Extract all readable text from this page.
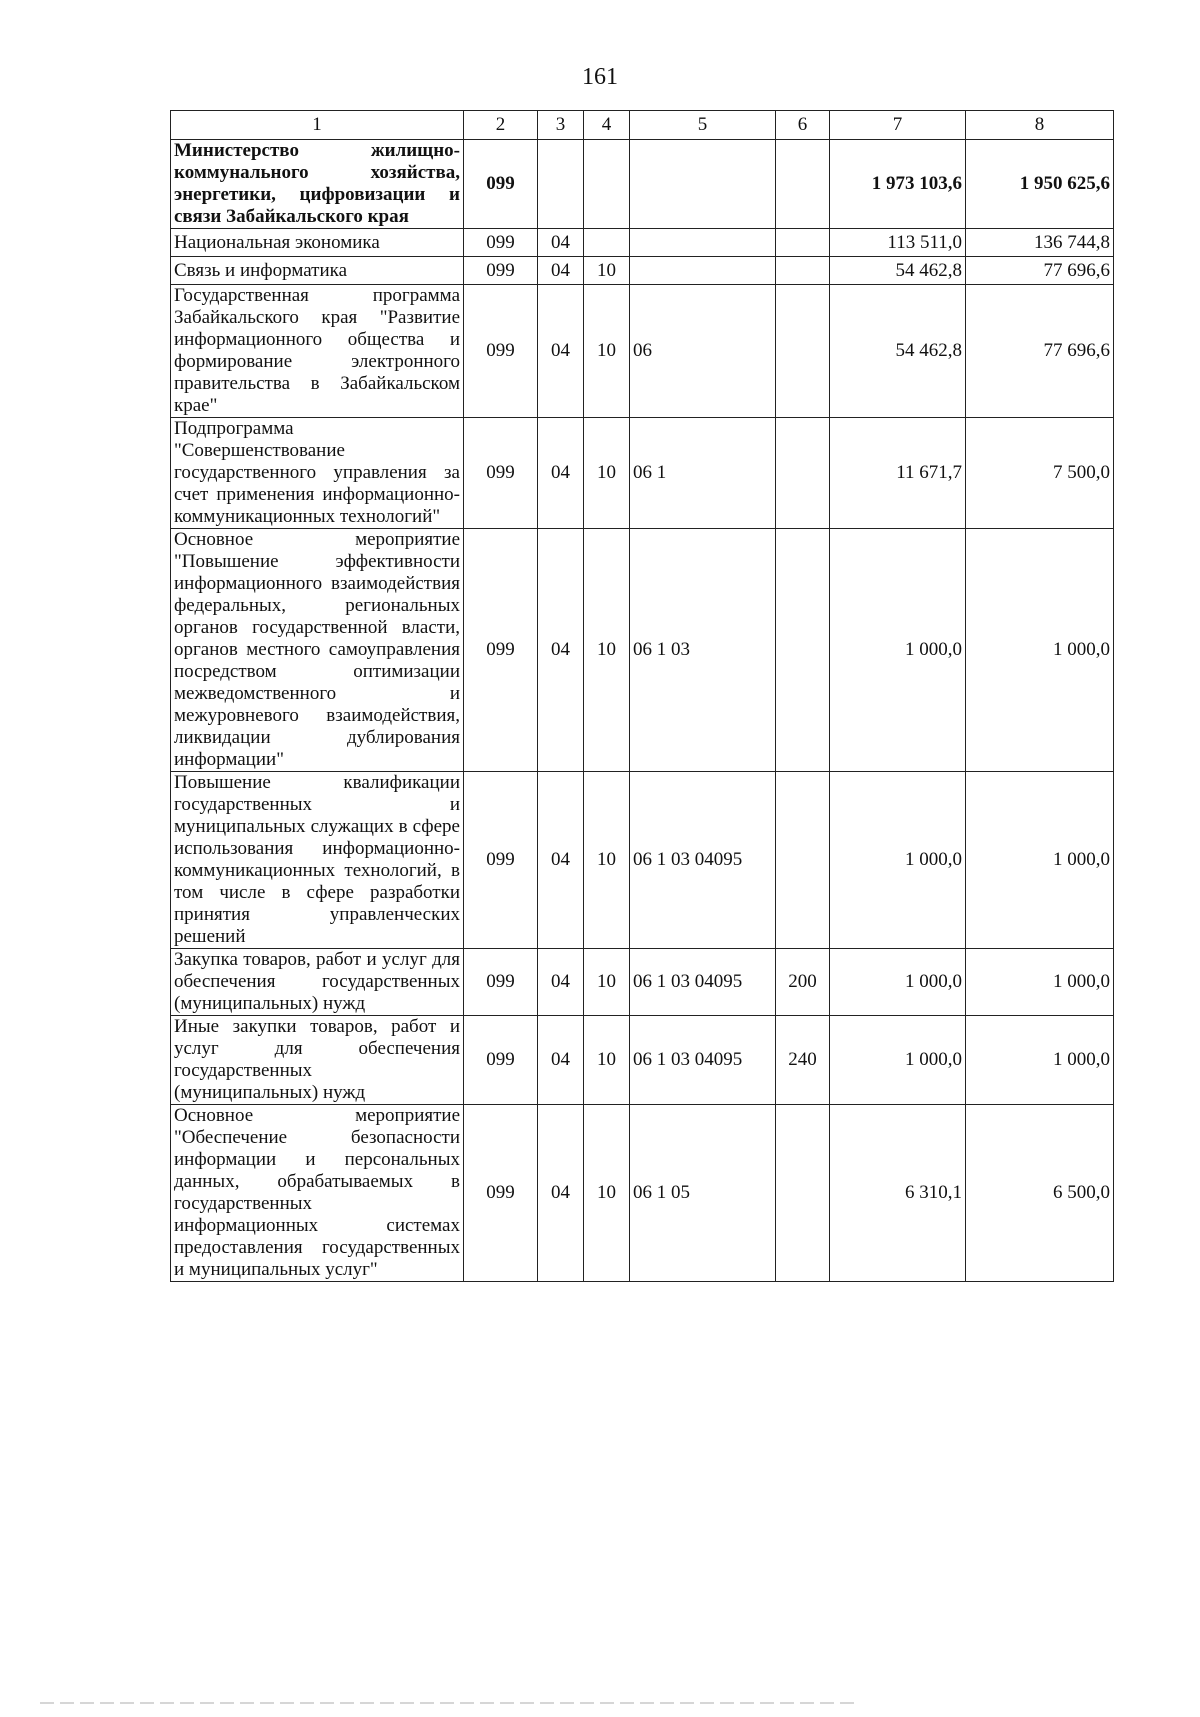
161
1	2	3	4	5	6	7	8
Министерство жилищно-коммунального хозяйства, энергетики, цифровизации и связи Забайкальского края	099					1 973 103,6	1 950 625,6
Национальная экономика	099	04				113 511,0	136 744,8
Связь и информатика	099	04	10			54 462,8	77 696,6
Государственная программа Забайкальского края "Развитие информационного общества и формирование электронного правительства в Забайкальском крае"	099	04	10	06		54 462,8	77 696,6
Подпрограмма "Совершенствование государственного управления за счет применения информационно-коммуникационных технологий"	099	04	10	06 1		11 671,7	7 500,0
Основное мероприятие "Повышение эффективности информационного взаимодействия федеральных, региональных органов государственной власти, органов местного самоуправления посредством оптимизации межведомственного и межуровневого взаимодействия, ликвидации дублирования информации"	099	04	10	06 1 03		1 000,0	1 000,0
Повышение квалификации государственных и муниципальных служащих в сфере использования информационно-коммуникационных технологий, в том числе в сфере разработки принятия управленческих решений	099	04	10	06 1 03 04095		1 000,0	1 000,0
Закупка товаров, работ и услуг для обеспечения государственных (муниципальных) нужд	099	04	10	06 1 03 04095	200	1 000,0	1 000,0
Иные закупки товаров, работ и услуг для обеспечения государственных (муниципальных) нужд	099	04	10	06 1 03 04095	240	1 000,0	1 000,0
Основное мероприятие "Обеспечение безопасности информации и персональных данных, обрабатываемых в государственных информационных системах предоставления государственных и муниципальных услуг"	099	04	10	06 1 05		6 310,1	6 500,0
